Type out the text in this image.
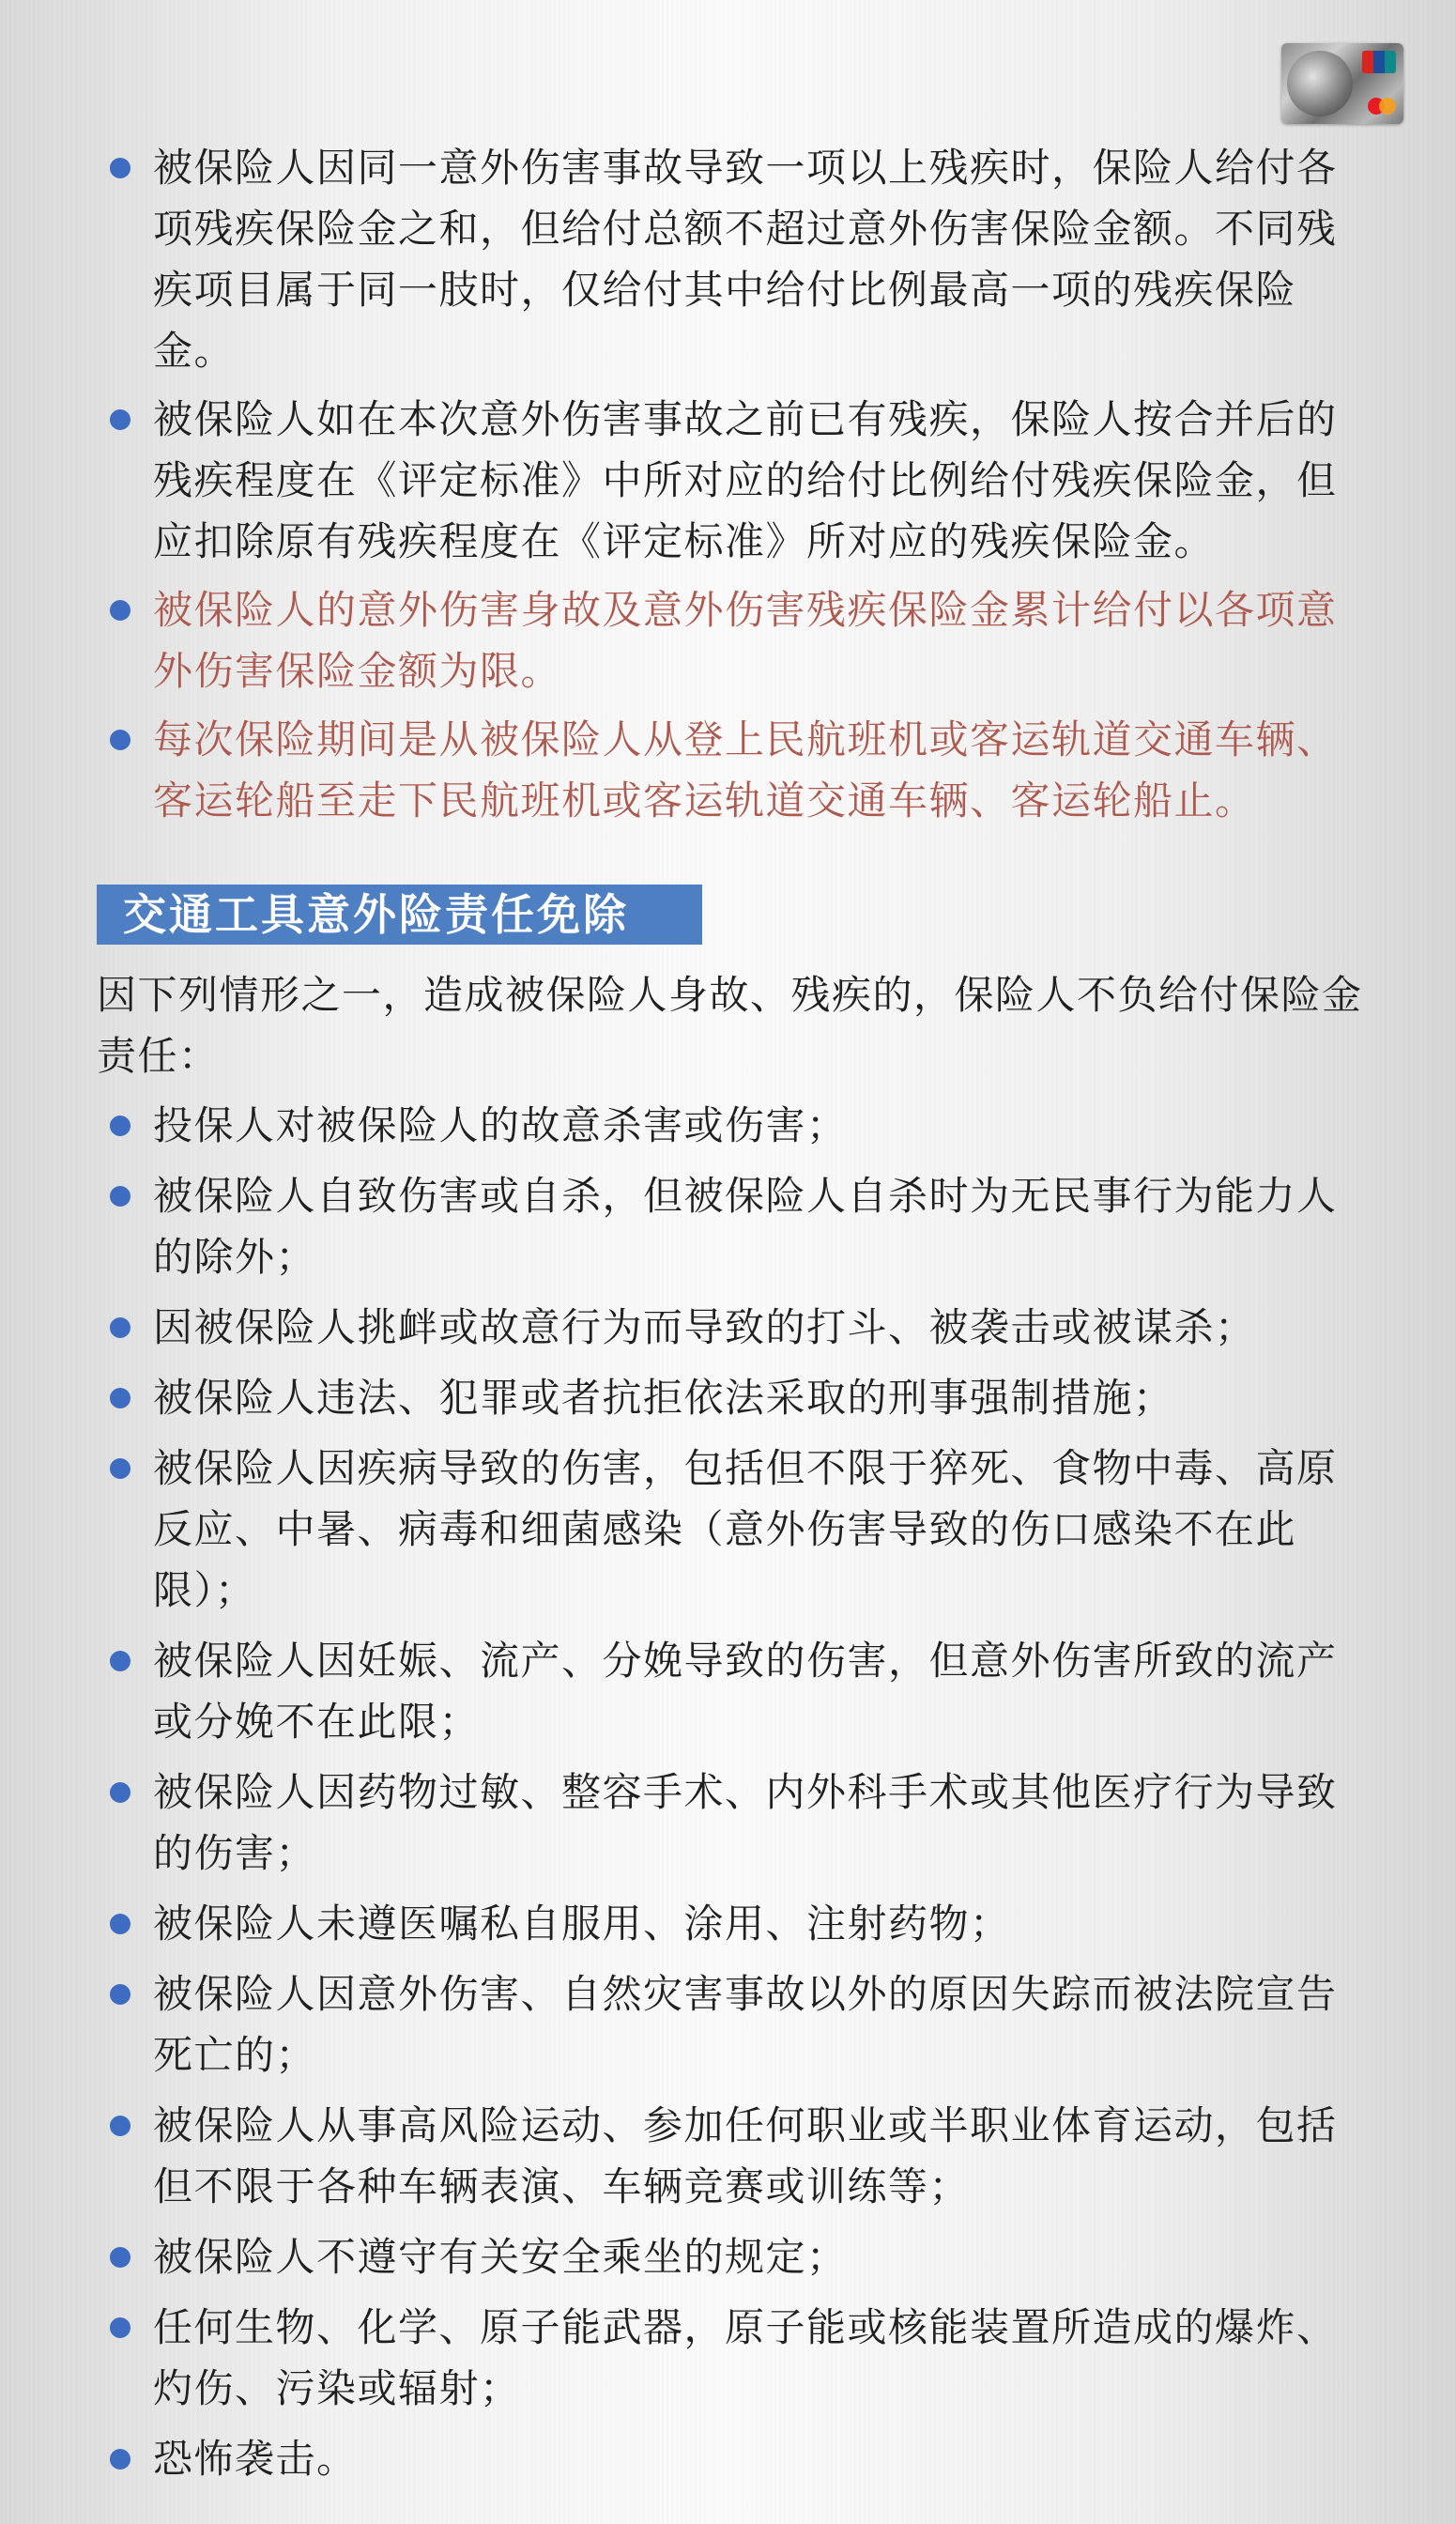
被保险人因同一意外伤害事故导致一项以上残疾时，保险人给付各项残疾保险金之和，但给付总额不超过意外伤害保险金额。不同残疾项目属于同一肢时，仅给付其中给付比例最高一项的残疾保险金。
被保险人如在本次意外伤害事故之前已有残疾，保险人按合并后的残疾程度在《评定标准》中所对应的给付比例给付残疾保险金，但应扣除原有残疾程度在《评定标准》所对应的残疾保险金。
被保险人的意外伤害身故及意外伤害残疾保险金累计给付以各项意外伤害保险金额为限。
每次保险期间是从被保险人从登上民航班机或客运轨道交通车辆、客运轮船至走下民航班机或客运轨道交通车辆、客运轮船止。
交通工具意外险责任免除

因下列情形之一，造成被保险人身故、残疾的，保险人不负给付保险金责任：

投保人对被保险人的故意杀害或伤害；
被保险人自致伤害或自杀，但被保险人自杀时为无民事行为能力人的除外；
因被保险人挑衅或故意行为而导致的打斗、被袭击或被谋杀；
被保险人违法、犯罪或者抗拒依法采取的刑事强制措施；
被保险人因疾病导致的伤害，包括但不限于猝死、食物中毒、高原反应、中暑、病毒和细菌感染（意外伤害导致的伤口感染不在此限）；
被保险人因妊娠、流产、分娩导致的伤害，但意外伤害所致的流产或分娩不在此限；
被保险人因药物过敏、整容手术、内外科手术或其他医疗行为导致的伤害；
被保险人未遵医嘱私自服用、涂用、注射药物；
被保险人因意外伤害、自然灾害事故以外的原因失踪而被法院宣告死亡的；
被保险人从事高风险运动、参加任何职业或半职业体育运动，包括但不限于各种车辆表演、车辆竞赛或训练等；
被保险人不遵守有关安全乘坐的规定；
任何生物、化学、原子能武器，原子能或核能装置所造成的爆炸、灼伤、污染或辐射；
恐怖袭击。
